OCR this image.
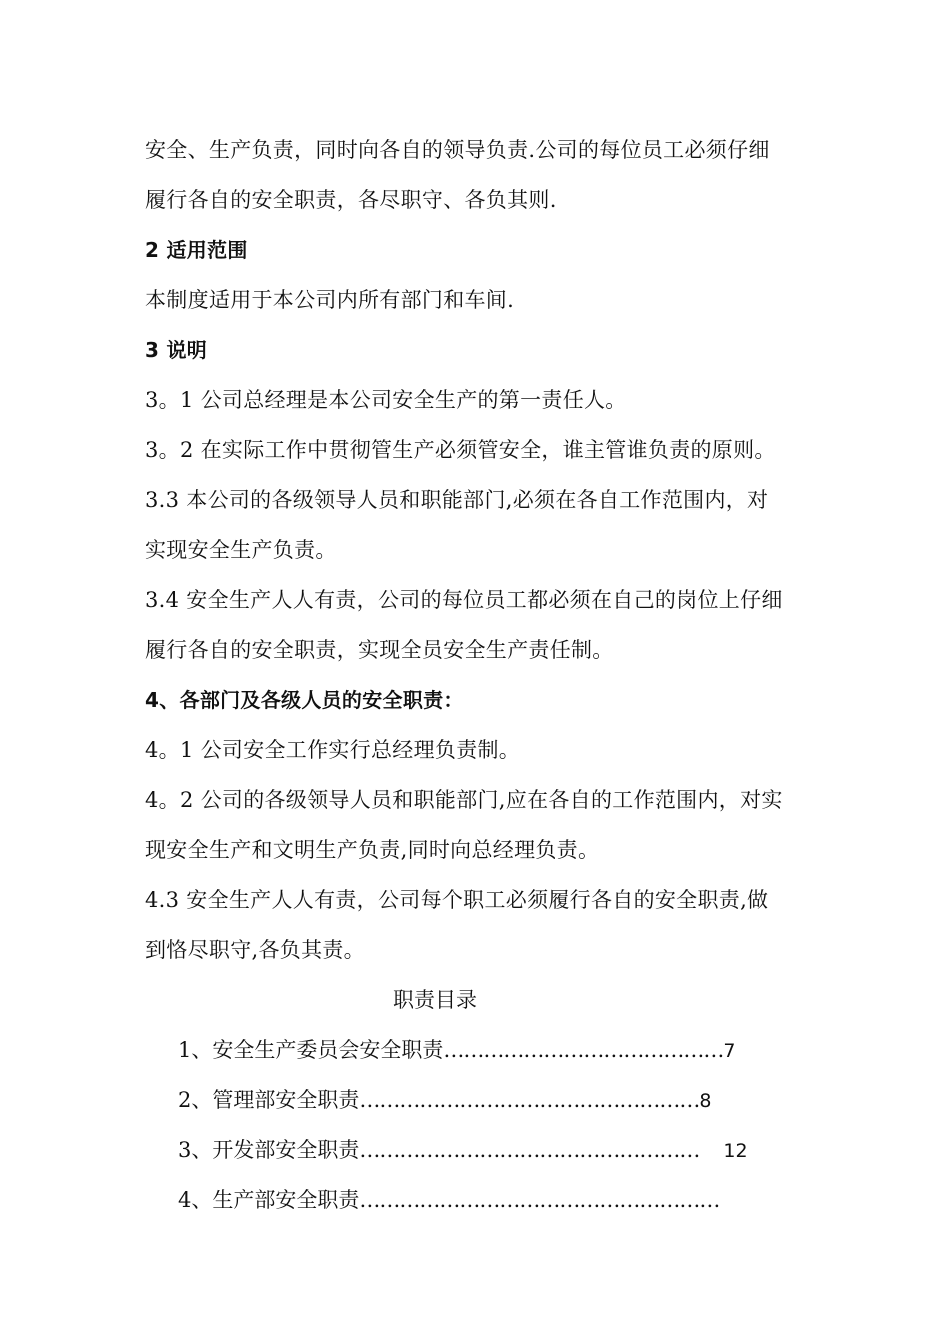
安全、生产负责，同时向各自的领导负责.公司的每位员工必须仔细
履行各自的安全职责，各尽职守、各负其则.
2 适用范围
本制度适用于本公司内所有部门和车间.
3 说明
3。1 公司总经理是本公司安全生产的第一责任人。
3。2 在实际工作中贯彻管生产必须管安全，谁主管谁负责的原则。
3.3 本公司的各级领导人员和职能部门,必须在各自工作范围内，对
实现安全生产负责。
3.4 安全生产人人有责，公司的每位员工都必须在自己的岗位上仔细
履行各自的安全职责，实现全员安全生产责任制。
4、各部门及各级人员的安全职责：
4。1 公司安全工作实行总经理负责制。
4。2 公司的各级领导人员和职能部门,应在各自的工作范围内，对实
现安全生产和文明生产负责,同时向总经理负责。
4.3 安全生产人人有责，公司每个职工必须履行各自的安全职责,做
到恪尽职守,各负其责。
职责目录
1、安全生产委员会安全职责……………………………………7
2、管理部安全职责……………………………………………8
3、开发部安全职责…………………………………………… 12
4、生产部安全职责………………………………………………
